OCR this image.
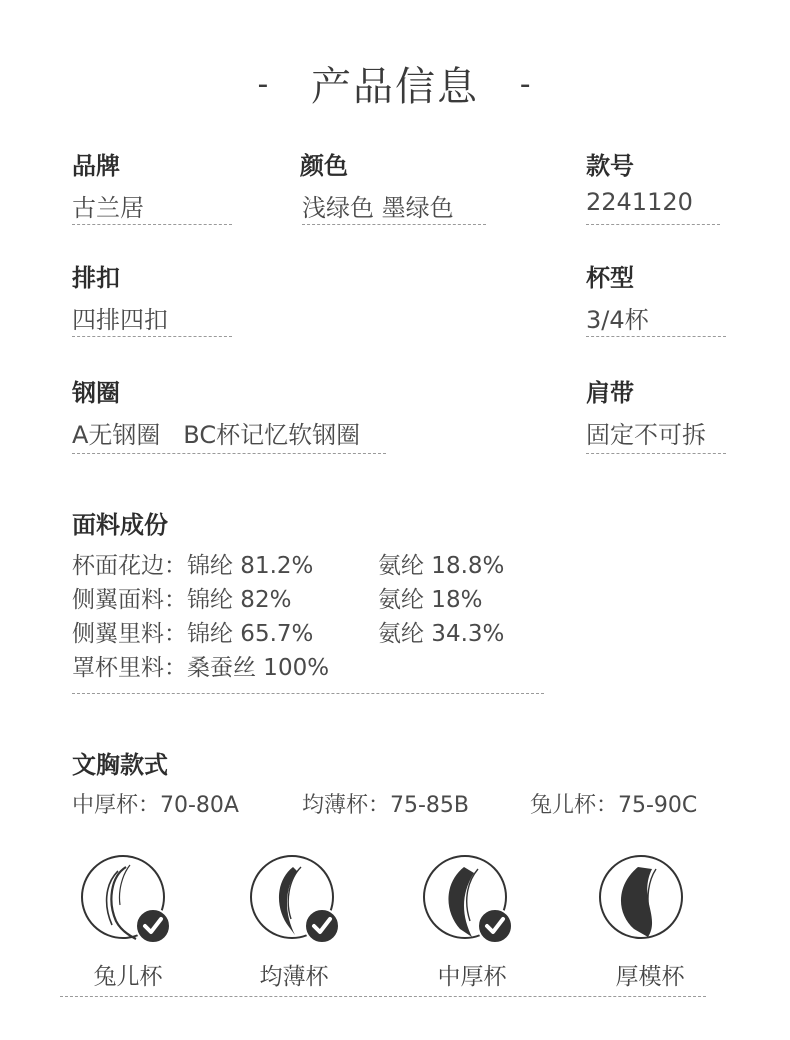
- 产品信息 -
品牌
古兰居
颜色
浅绿色 墨绿色
款号
2241120
排扣
四排四扣
杯型
3/4杯
钢圈
A无钢圈   BC杯记忆软钢圈
肩带
固定不可拆
面料成份
杯面花边：锦纶 81.2%	氨纶 18.8%
侧翼面料：锦纶 82%	氨纶 18%
侧翼里料：锦纶 65.7%	氨纶 34.3%
罩杯里料：桑蚕丝 100%
文胸款式
中厚杯：70-80A	均薄杯：75-85B	兔儿杯：75-90C
兔儿杯	均薄杯	中厚杯	厚模杯
